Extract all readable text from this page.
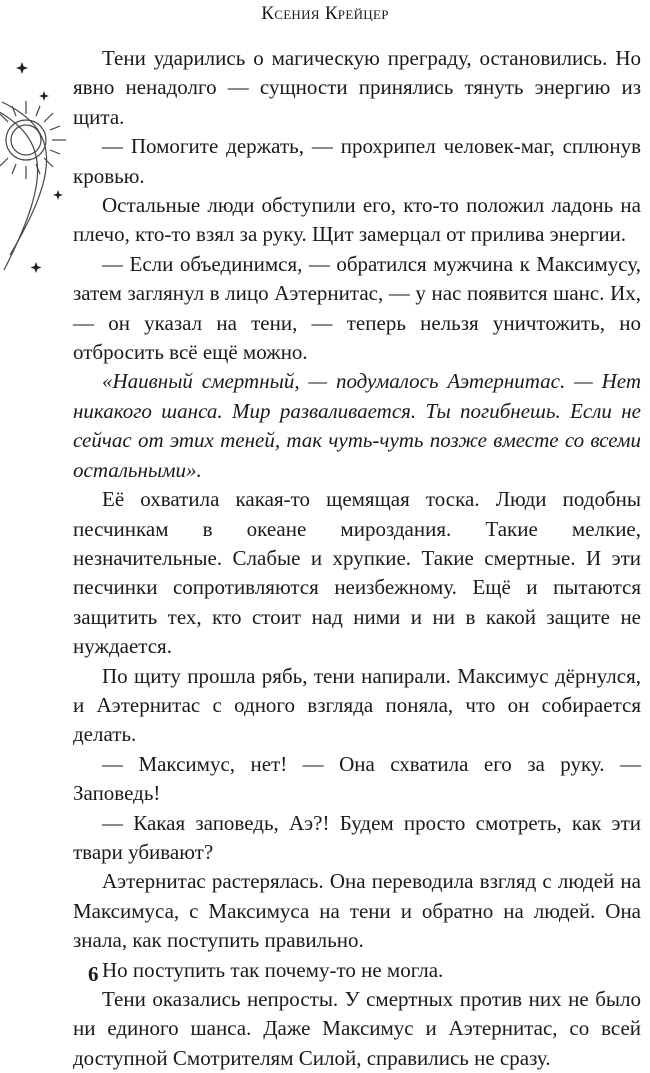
Ксения Крейцер

Тени ударились о магическую преграду, остановились. Но явно ненадолго — сущности принялись тянуть энергию из щита.

— Помогите держать, — прохрипел человек-маг, сплюнув кровью.

Остальные люди обступили его, кто-то положил ладонь на плечо, кто-то взял за руку. Щит замерцал от прилива энергии.

— Если объединимся, — обратился мужчина к Максимусу, затем заглянул в лицо Аэтернитас, — у нас появится шанс. Их, — он указал на тени, — теперь нельзя уничтожить, но отбросить всё ещё можно.

«Наивный смертный, — подумалось Аэтернитас. — Нет никакого шанса. Мир разваливается. Ты погибнешь. Если не сейчас от этих теней, так чуть-чуть позже вместе со всеми остальными».

Её охватила какая-то щемящая тоска. Люди подобны песчинкам в океане мироздания. Такие мелкие, незначительные. Слабые и хрупкие. Такие смертные. И эти песчинки сопротивляются неизбежному. Ещё и пытаются защитить тех, кто стоит над ними и ни в какой защите не нуждается.

По щиту прошла рябь, тени напирали. Максимус дёрнулся, и Аэтернитас с одного взгляда поняла, что он собирается делать.

— Максимус, нет! — Она схватила его за руку. — Заповедь!

— Какая заповедь, Аэ?! Будем просто смотреть, как эти твари убивают?

Аэтернитас растерялась. Она переводила взгляд с людей на Максимуса, с Максимуса на тени и обратно на людей. Она знала, как поступить правильно.

Но поступить так почему-то не могла.

Тени оказались непросты. У смертных против них не было ни единого шанса. Даже Максимус и Аэтернитас, со всей доступной Смотрителям Силой, справились не сразу.

6
